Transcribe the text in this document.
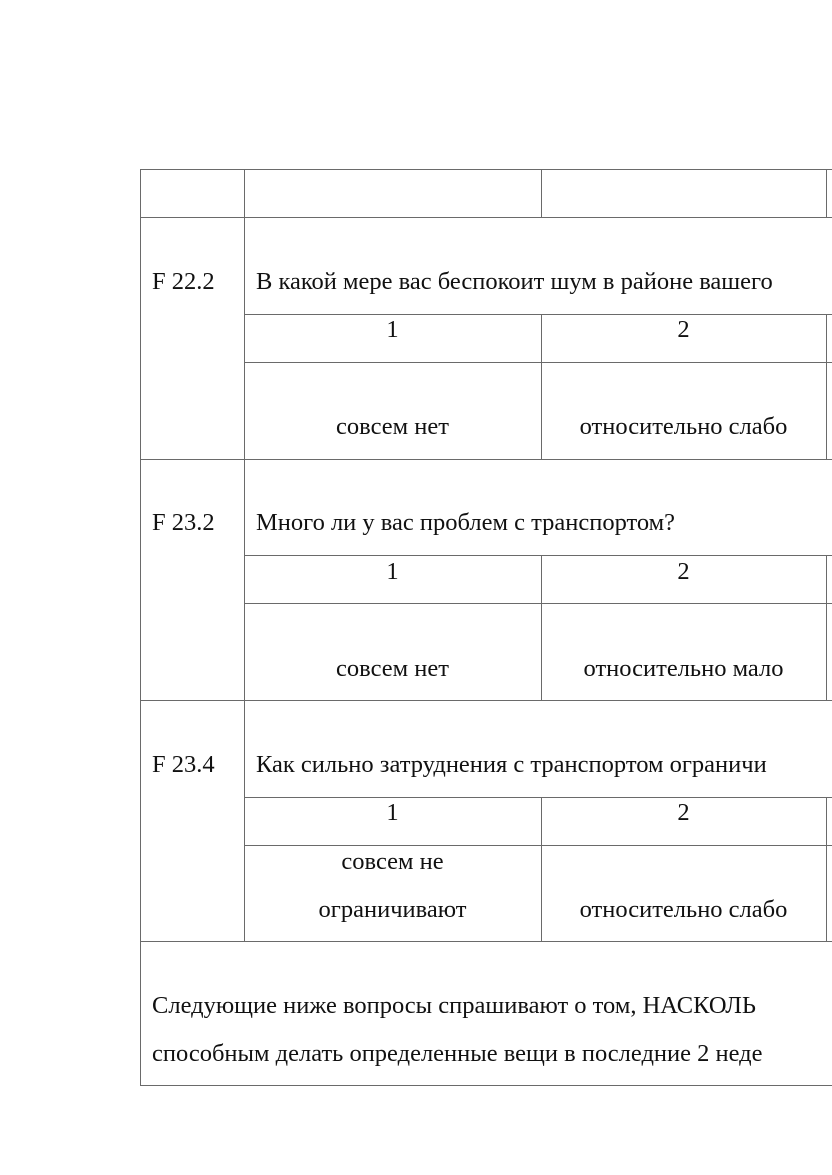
F 22.2 В какой мере вас беспокоит шум в районе вашего
1	2
совсем нет	относительно слабо
F 23.2 Много ли у вас проблем с транспортом?
1	2
совсем нет	относительно мало
F 23.4 Как сильно затруднения с транспортом ограничи
1	2
совсем не
ограничивают	относительно слабо
Следующие ниже вопросы спрашивают о том, НАСКОЛЬ
способным делать определенные вещи в последние 2 неде
